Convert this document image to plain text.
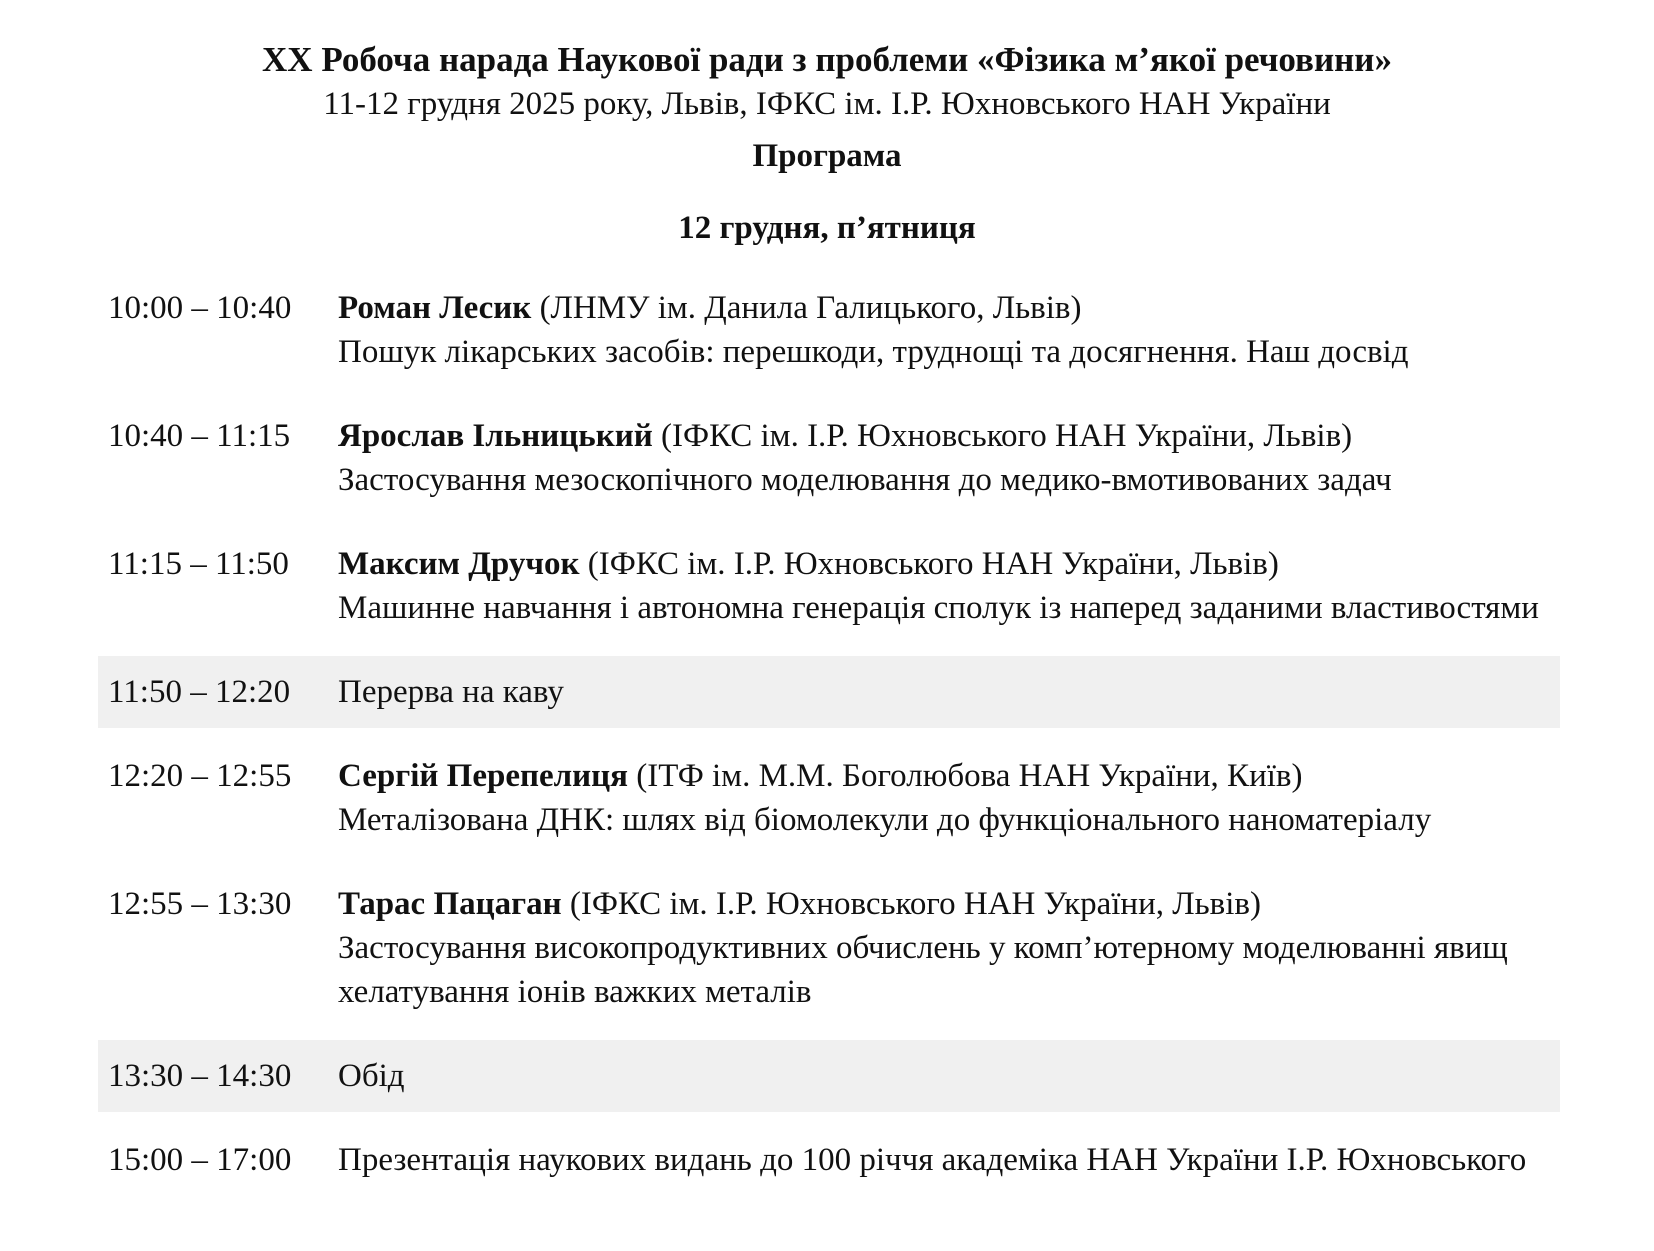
XX Робоча нарада Наукової ради з проблеми «Фізика м’якої речовини»
11-12 грудня 2025 року, Львів, ІФКС ім. І.Р. Юхновського НАН України
Програма
12 грудня, п’ятниця
10:00 – 10:40	Роман Лесик (ЛНМУ ім. Данила Галицького, Львів)
Пошук лікарських засобів: перешкоди, труднощі та досягнення. Наш досвід
10:40 – 11:15	Ярослав Ільницький (ІФКС ім. І.Р. Юхновського НАН України, Львів)
Застосування мезоскопічного моделювання до медико-вмотивованих задач
11:15 – 11:50	Максим Дручок (ІФКС ім. І.Р. Юхновського НАН України, Львів)
Машинне навчання і автономна генерація сполук із наперед заданими властивостями
11:50 – 12:20	Перерва на каву
12:20 – 12:55	Сергій Перепелиця (ІТФ ім. М.М. Боголюбова НАН України, Київ)
Металізована ДНК: шлях від біомолекули до функціонального наноматеріалу
12:55 – 13:30	Тарас Пацаган (ІФКС ім. І.Р. Юхновського НАН України, Львів)
Застосування високопродуктивних обчислень у комп’ютерному моделюванні явищ хелатування іонів важких металів
13:30 – 14:30	Обід
15:00 – 17:00	Презентація наукових видань до 100 річчя академіка НАН України І.Р. Юхновського
